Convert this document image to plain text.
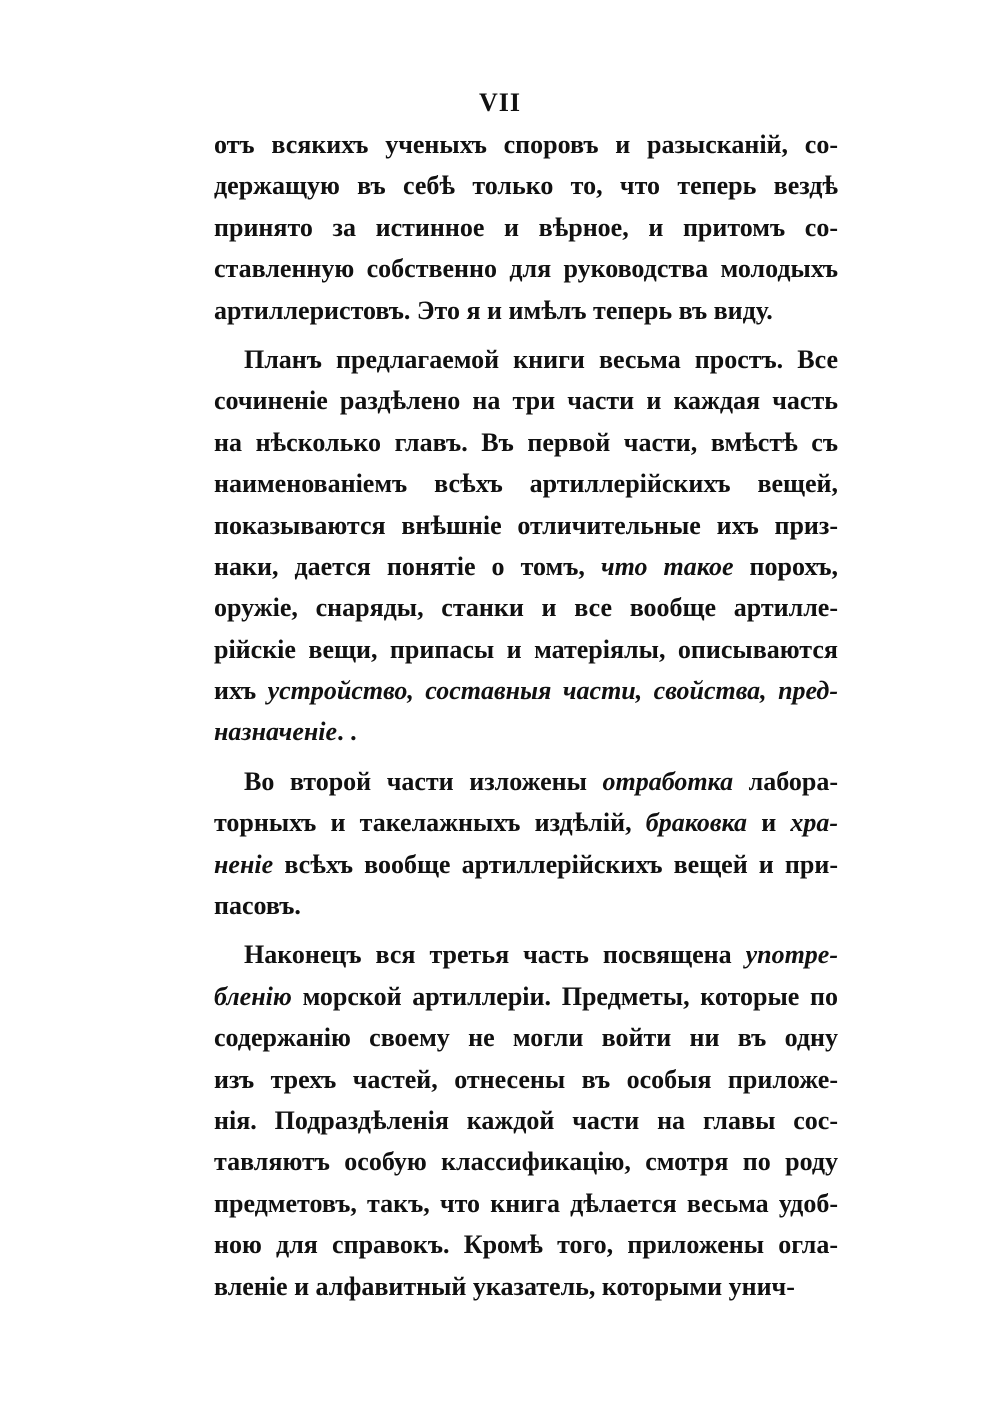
VII
отъ всякихъ ученыхъ споровъ и разысканій, со-
держащую въ себѣ только то, что теперь вездѣ
принято за истинное и вѣрное, и притомъ со-
ставленную собственно для руководства молодыхъ
артиллеристовъ. Это я и имѣлъ теперь въ виду.
Планъ предлагаемой книги весьма простъ. Все
сочиненіе раздѣлено на три части и каждая часть
на нѣсколько главъ. Въ первой части, вмѣстѣ съ
наименованіемъ всѣхъ артиллерійскихъ вещей,
показываются внѣшніе отличительные ихъ приз-
наки, дается понятіе о томъ, что такое порохъ,
оружіе, снаряды, станки и все вообще артилле-
рійскіе вещи, припасы и матеріялы, описываются
ихъ устройство, составныя части, свойства, пред-
назначеніе. .
Во второй части изложены отработка лабора-
торныхъ и такелажныхъ издѣлій, браковка и хра-
неніе всѣхъ вообще артиллерійскихъ вещей и при-
пасовъ.
Наконецъ вся третья часть посвящена употре-
бленію морской артиллеріи. Предметы, которые по
содержанію своему не могли войти ни въ одну
изъ трехъ частей, отнесены въ особыя приложе-
нія. Подраздѣленія каждой части на главы сос-
тавляютъ особую классификацію, смотря по роду
предметовъ, такъ, что книга дѣлается весьма удоб-
ною для справокъ. Кромѣ того, приложены огла-
вленіе и алфавитный указатель, которыми унич-
